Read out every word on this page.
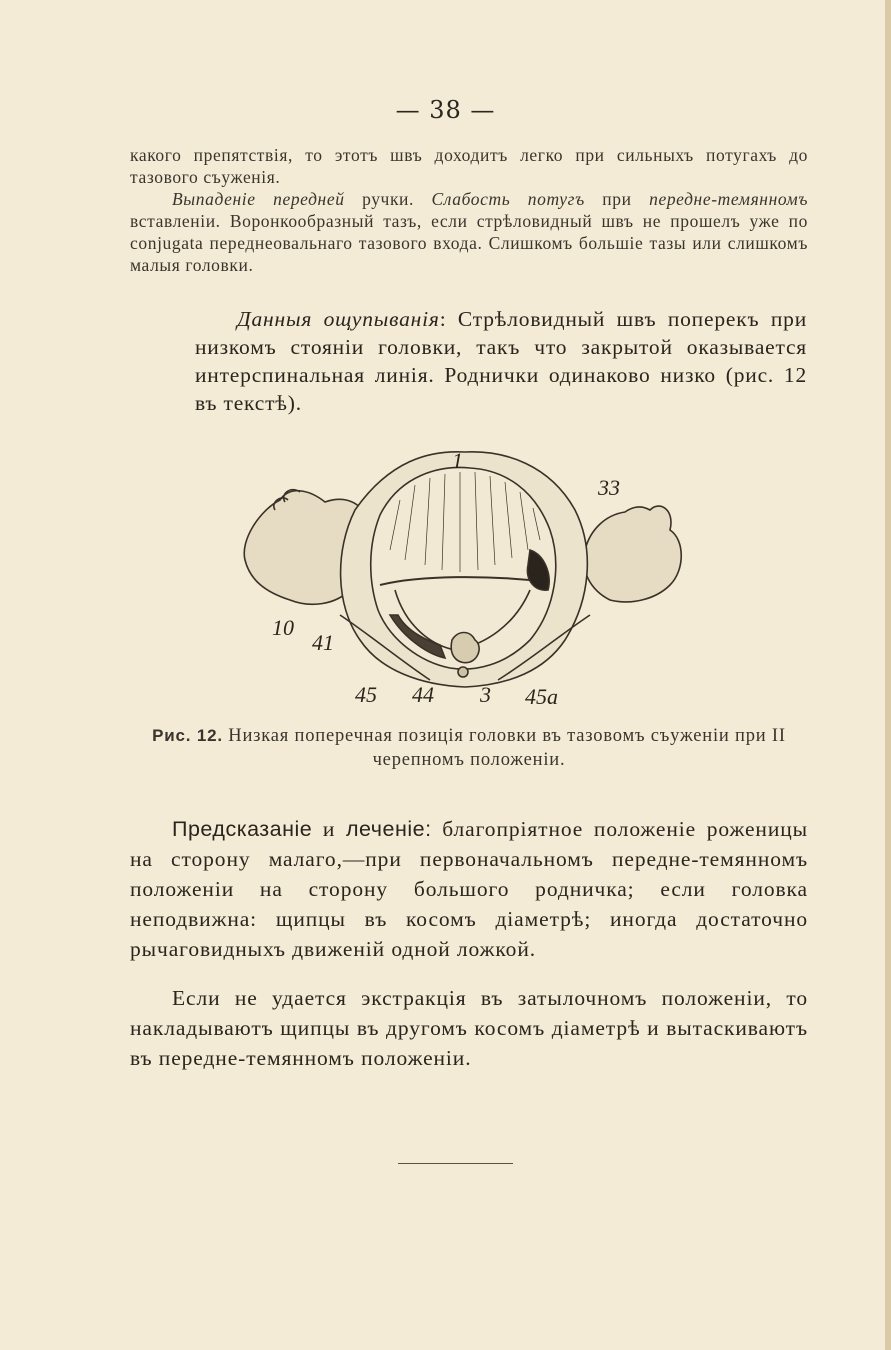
— 38 —
какого препятствія, то этотъ швъ доходитъ легко при сильныхъ потугахъ до тазового съуженія.
Выпаденіе передней ручки. Слабость потугъ при передне-темянномъ вставленіи. Воронкообразный тазъ, если стрѣловидный швъ не прошелъ уже по conjugata переднеовальнаго тазового входа. Слишкомъ большіе тазы или слишкомъ малыя головки.
Данныя ощупыванія: Стрѣловидный швъ поперекъ при низкомъ стояніи головки, такъ что закрытой оказывается интерспинальная линія. Роднички одинаково низко (рис. 12 въ текстѣ).
1
33
10
41
45 44 3 45a
Рис. 12. Низкая поперечная позиція головки въ тазовомъ съуженіи при II черепномъ положеніи.
Предсказаніе и леченіе: благопріятное положеніе роженицы на сторону малаго,—при первоначальномъ передне-темянномъ положеніи на сторону большого родничка; если головка неподвижна: щипцы въ косомъ діаметрѣ; иногда достаточно рычаговидныхъ движеній одной ложкой.
Если не удается экстракція въ затылочномъ положеніи, то накладываютъ щипцы въ другомъ косомъ діаметрѣ и вытаскиваютъ въ передне-темянномъ положеніи.
